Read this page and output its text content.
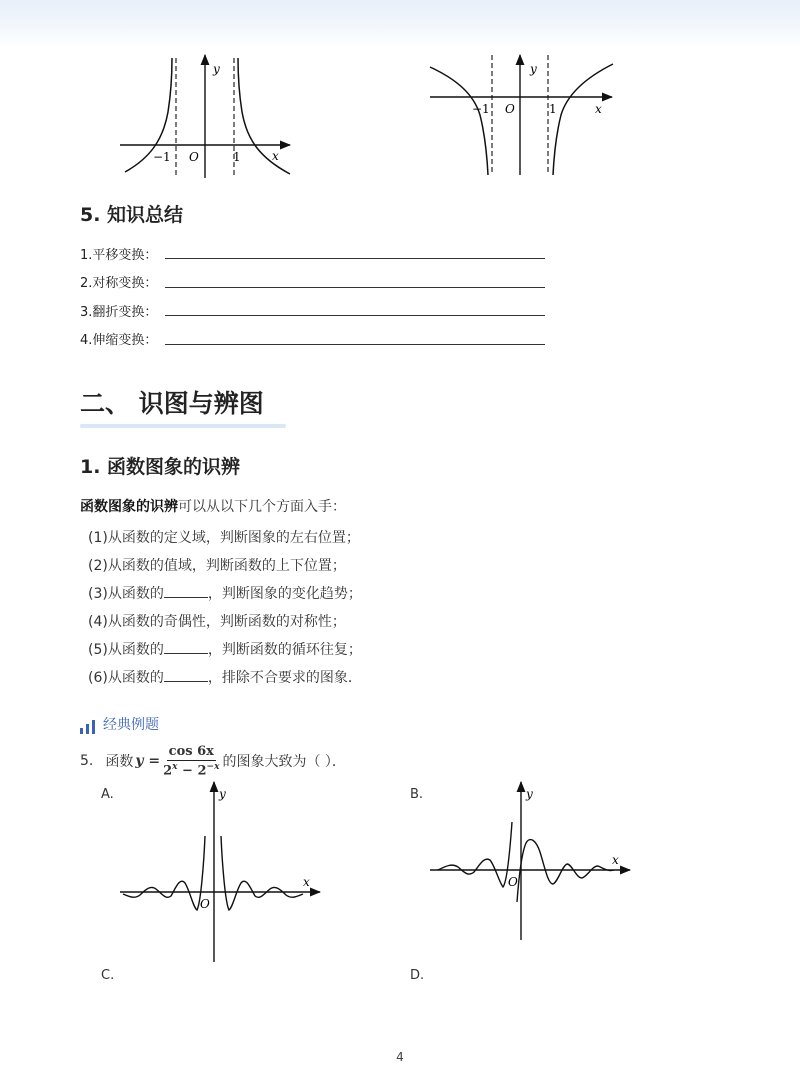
x
y
O
−1	1
x
y
O
−1	1
5. 知识总结
1.平移变换：
2.对称变换：
3.翻折变换：
4.伸缩变换：
二、 识图与辨图
1. 函数图象的识辨
函数图象的识辨可以从以下几个方面入手：
(1)从函数的定义域，判断图象的左右位置；
(2)从函数的值域，判断函数的上下位置；
(3)从函数的	，判断图象的变化趋势；
(4)从函数的奇偶性，判断函数的对称性；
(5)从函数的	，判断函数的循环往复；
(6)从函数的	，排除不合要求的图象．
经典例题
5. 函数 $y = \frac{\cos 6x}{2^x - 2^{-x}}$ 的图象大致为（ ）．
A.	B.
C.	D.
x
y
O
x
y
O
4
